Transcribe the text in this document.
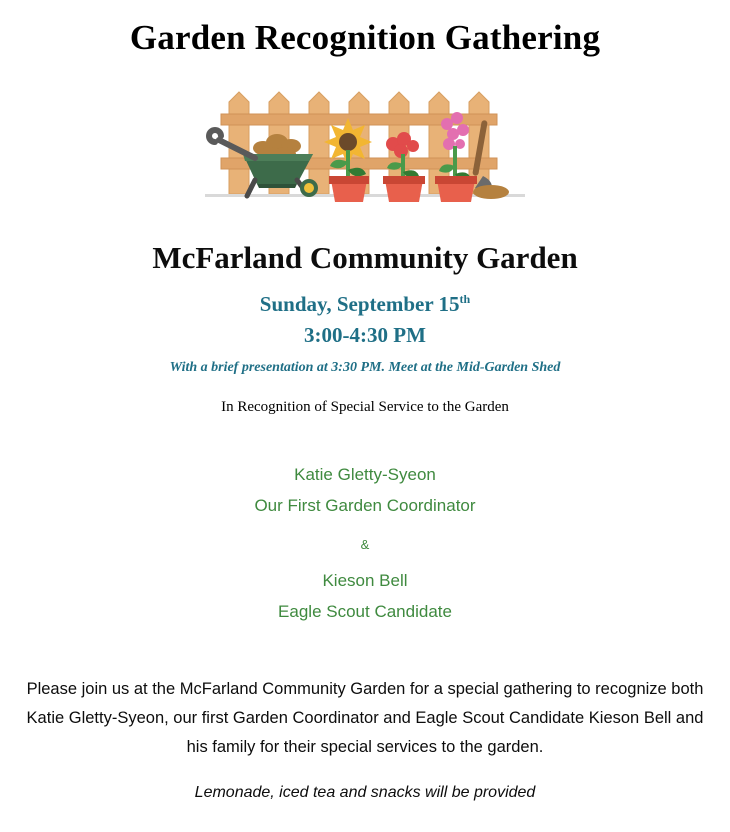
Garden Recognition Gathering
McFarland Community Garden

Sunday, September 15th

3:00-4:30 PM

With a brief presentation at 3:30 PM. Meet at the Mid-Garden Shed

In Recognition of Special Service to the Garden

Katie Gletty-Syeon

Our First Garden Coordinator

&

Kieson Bell

Eagle Scout Candidate

Please join us at the McFarland Community Garden for a special gathering to recognize both Katie Gletty-Syeon, our first Garden Coordinator and Eagle Scout Candidate Kieson Bell and his family for their special services to the garden.

Lemonade, iced tea and snacks will be provided
